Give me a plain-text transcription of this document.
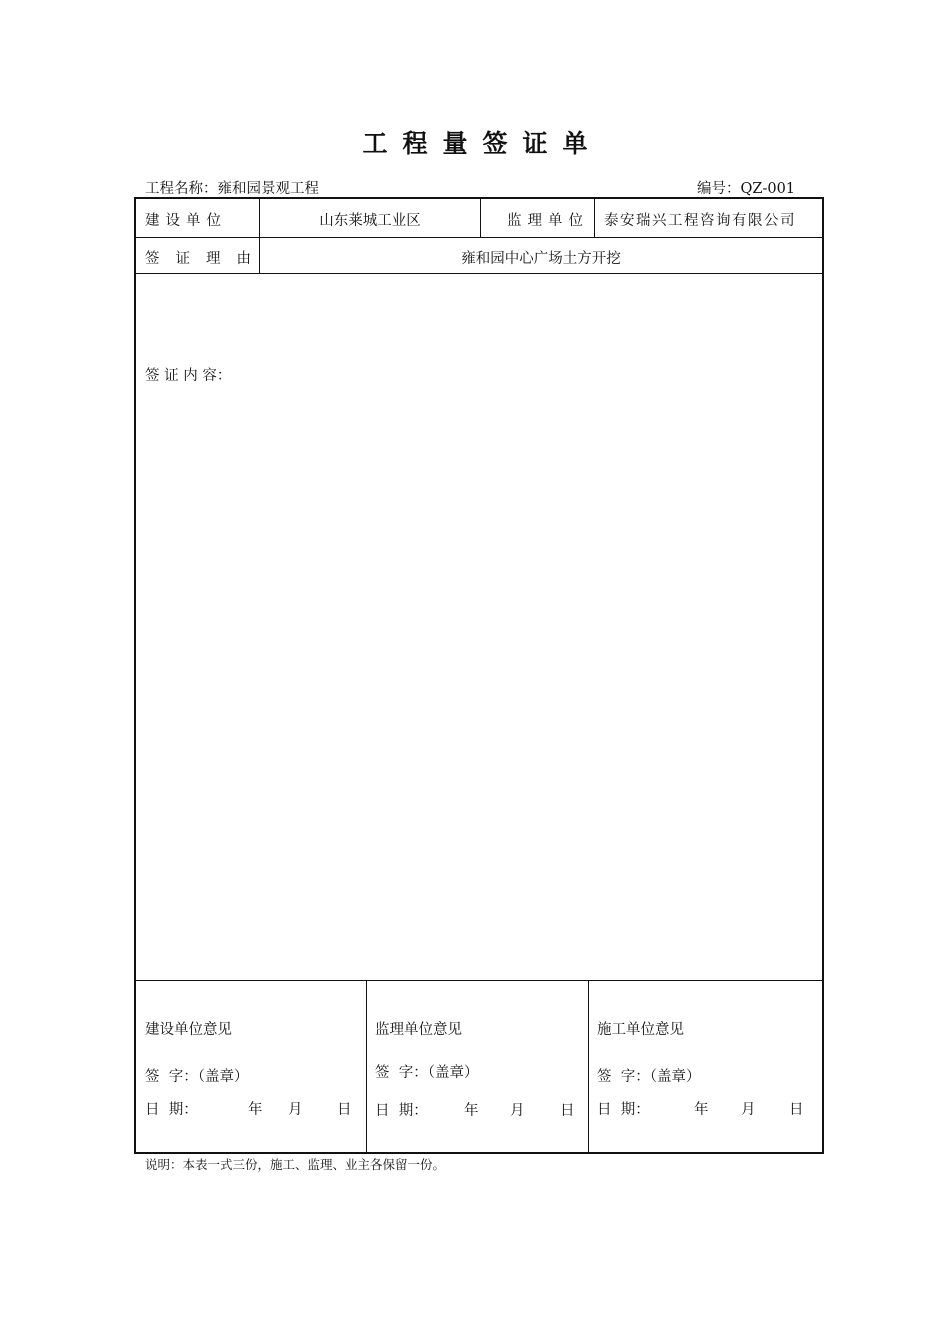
工程量签证单
工程名称：雍和园景观工程	编号：QZ-001
建设单位	山东莱城工业区	监理单位 泰安瑞兴工程咨询有限公司
签证理由	雍和园中心广场土方开挖
签 证 内 容：
建设单位意见
签  字：（盖章）
日  期：	年 月 日
监理单位意见
签  字：（盖章）
日  期：	年 月 日
施工单位意见
签  字：（盖章）
日  期：	年 月 日
说明：本表一式三份，施工、监理、业主各保留一份。
